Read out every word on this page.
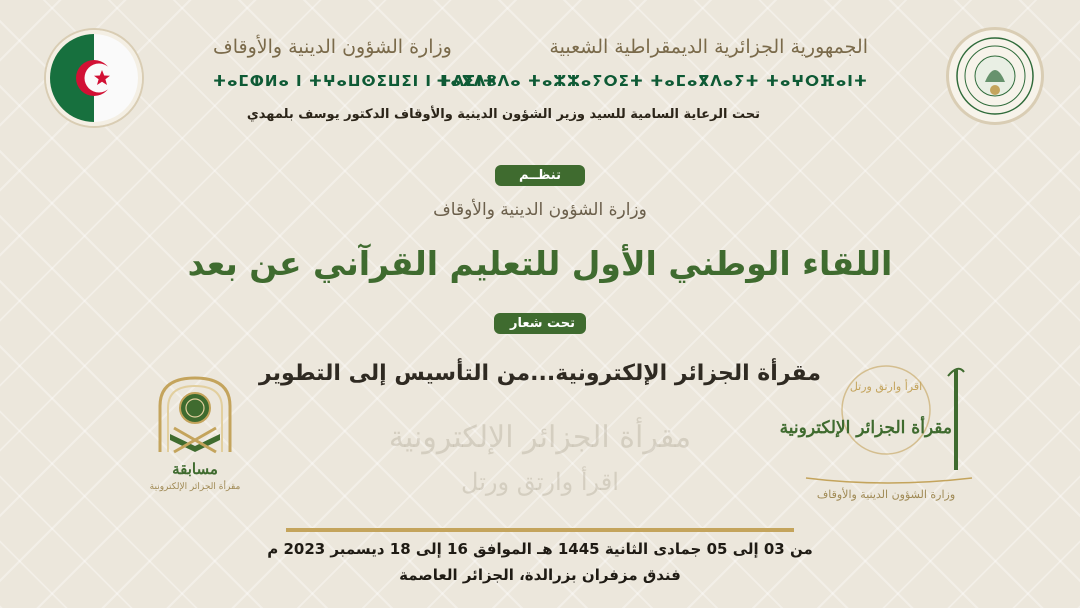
الجمهورية الجزائرية الديمقراطية الشعبية
ⵜⴰⴳⴷⵓⴷⴰ ⵜⴰⵣⵣⴰⵢⵔⵉⵜ ⵜⴰⵎⴰⴳⴷⴰⵢⵜ ⵜⴰⵖⵔⴼⴰⵏⵜ
وزارة الشؤون الدينية والأوقاف
ⵜⴰⵎⵀⵍⴰ ⵏ ⵜⵖⴰⵡⵙⵉⵡⵉⵏ ⵏ ⵜⴷⵉⵏⵜ
تحت الرعاية السامية للسيد وزير الشؤون الدينية والأوقاف الدكتور يوسف بلمهدي
تنظــم
وزارة الشؤون الدينية والأوقاف
اللقاء الوطني الأول للتعليم القرآني عن بعد
تحت شعار
مقرأة الجزائر الإلكترونية...من التأسيس إلى التطوير
مقرأة الجزائر الإلكترونية
اقرأ وارتق ورتل
مسابقة
مقرأة الجزائر الإلكترونية
اقرأ وارتق ورتل
مقرأة الجزائر الإلكترونية
وزارة الشؤون الدينية والأوقاف
من 03 إلى 05 جمادى الثانية 1445 هـ الموافق 16 إلى 18 ديسمبر 2023 م
فندق مزفران بزرالدة، الجزائر العاصمة
